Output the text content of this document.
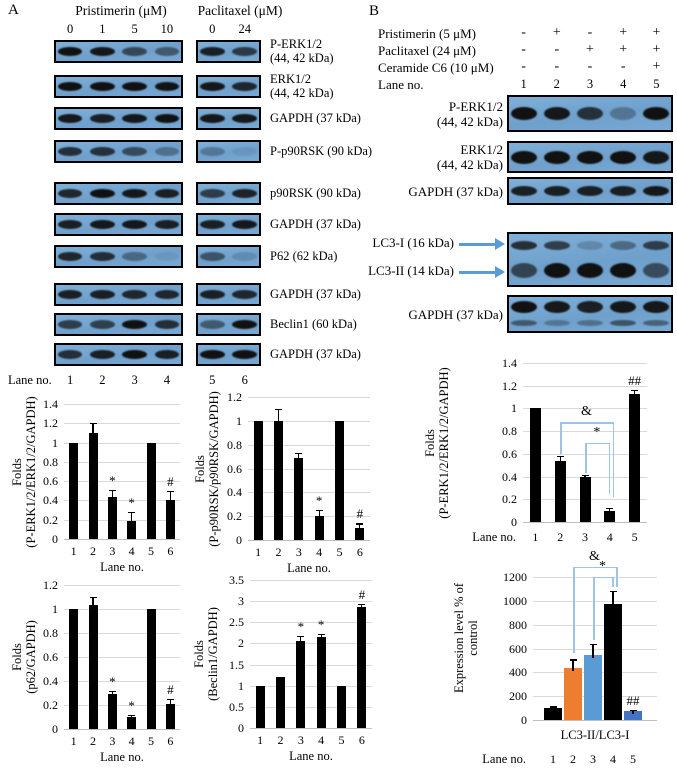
A	Pristimerin (μM)	Paclitaxel (μM)
0	1	5	10	0	24
P-ERK1/2
(44, 42 kDa)
ERK1/2
(44, 42 kDa)
GAPDH (37 kDa)
P-p90RSK (90 kDa)
p90RSK (90 kDa)
GAPDH (37 kDa)
P62 (62 kDa)
GAPDH (37 kDa)
Beclin1 (60 kDa)
GAPDH (37 kDa)
Lane no.	1	2	3	4	5	6
B
Pristimerin (5 μM)	-	+	-	+	+
Paclitaxel (24 μM)	-	-	+	+	+
Ceramide C6 (10 μM)	-	-	-	-	+
Lane no.	1	2	3	4	5
P-ERK1/2
(44, 42 kDa)
ERK1/2
(44, 42 kDa)
GAPDH (37 kDa)
LC3-I (16 kDa)
LC3-II (14 kDa)
GAPDH (37 kDa)
0
0.2
0.4
0.6
0.8
1
1.2
1.4
Folds (P-ERK1/2/ERK1/2/GAPDH)	*
*
#
1	2	3	4	5	6
Lane no.
0
0.2
0.4
0.6
0.8
1
1.2
Folds (P-p90RSK/p90RSK/GAPDH)	*
#
1	2	3	4	5	6
Lane no.
0
0.2
0.4
0.6
0.8
1
1.2
Folds (p62/GAPDH)	*
*
#
1	2	3	4	5	6
Lane no.
0
0.5
1
1.5
2
2.5
3
3.5
Folds (Beclin1/GAPDH)	*	*
#
1	2	3	4	5	6
Lane no.
0
0.2
0.4
0.6
0.8
1
1.2
1.4
Folds (P-ERK1/2/ERK1/2/GAPDH)	##
1	2	3	4	5
Lane no.
&
*
0
200
400
600
800
1000
1200
Expression level % of control
##
1	2	3	4	5
Lane no.
LC3-II/LC3-I
&
*
